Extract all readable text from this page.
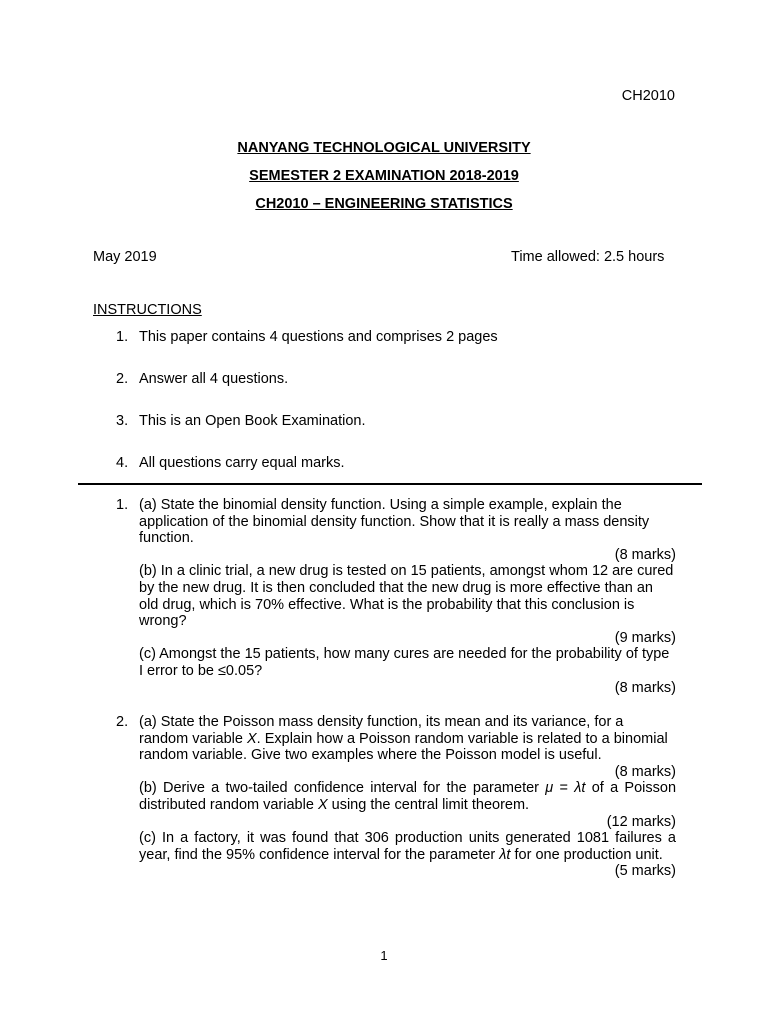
CH2010
NANYANG TECHNOLOGICAL UNIVERSITY
SEMESTER 2 EXAMINATION 2018-2019
CH2010 – ENGINEERING STATISTICS
May 2019	Time allowed: 2.5 hours
INSTRUCTIONS
1. This paper contains 4 questions and comprises 2 pages
2. Answer all 4 questions.
3. This is an Open Book Examination.
4. All questions carry equal marks.
1. (a) State the binomial density function. Using a simple example, explain the application of the binomial density function. Show that it is really a mass density function.

(8 marks)

(b) In a clinic trial, a new drug is tested on 15 patients, amongst whom 12 are cured by the new drug. It is then concluded that the new drug is more effective than an old drug, which is 70% effective. What is the probability that this conclusion is wrong?

(9 marks)

(c) Amongst the 15 patients, how many cures are needed for the probability of type I error to be ≤0.05?

(8 marks)

2. (a) State the Poisson mass density function, its mean and its variance, for a random variable X. Explain how a Poisson random variable is related to a binomial random variable. Give two examples where the Poisson model is useful.

(8 marks)

(b) Derive a two-tailed confidence interval for the parameter μ = λt of a Poisson distributed random variable X using the central limit theorem.

(12 marks)

(c) In a factory, it was found that 306 production units generated 1081 failures a year, find the 95% confidence interval for the parameter λt for one production unit.

(5 marks)

1
